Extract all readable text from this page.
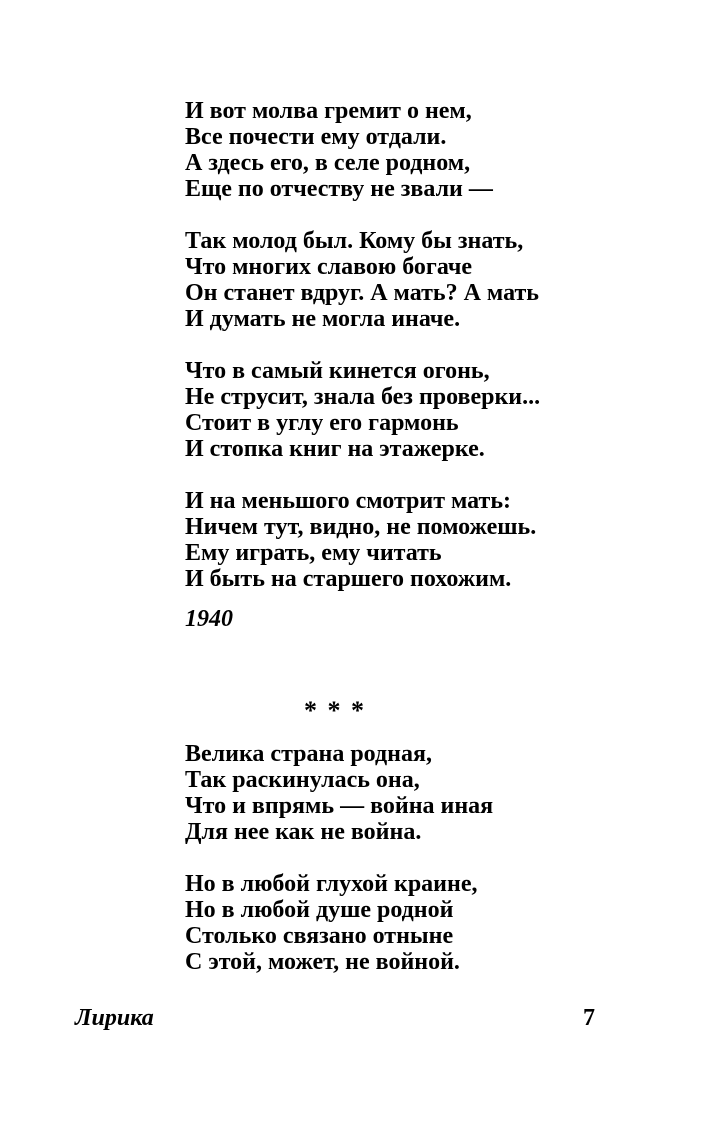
И вот молва гремит о нем,
Все почести ему отдали.
А здесь его, в селе родном,
Еще по отчеству не звали —
Так молод был. Кому бы знать,
Что многих славою богаче
Он станет вдруг. А мать? А мать
И думать не могла иначе.
Что в самый кинется огонь,
Не струсит, знала без проверки...
Стоит в углу его гармонь
И стопка книг на этажерке.
И на меньшого смотрит мать:
Ничем тут, видно, не поможешь.
Ему играть, ему читать
И быть на старшего похожим.
1940
* * *
Велика страна родная,
Так раскинулась она,
Что и впрямь — война иная
Для нее как не война.
Но в любой глухой краине,
Но в любой душе родной
Столько связано отныне
С этой, может, не войной.
Лирика	7
